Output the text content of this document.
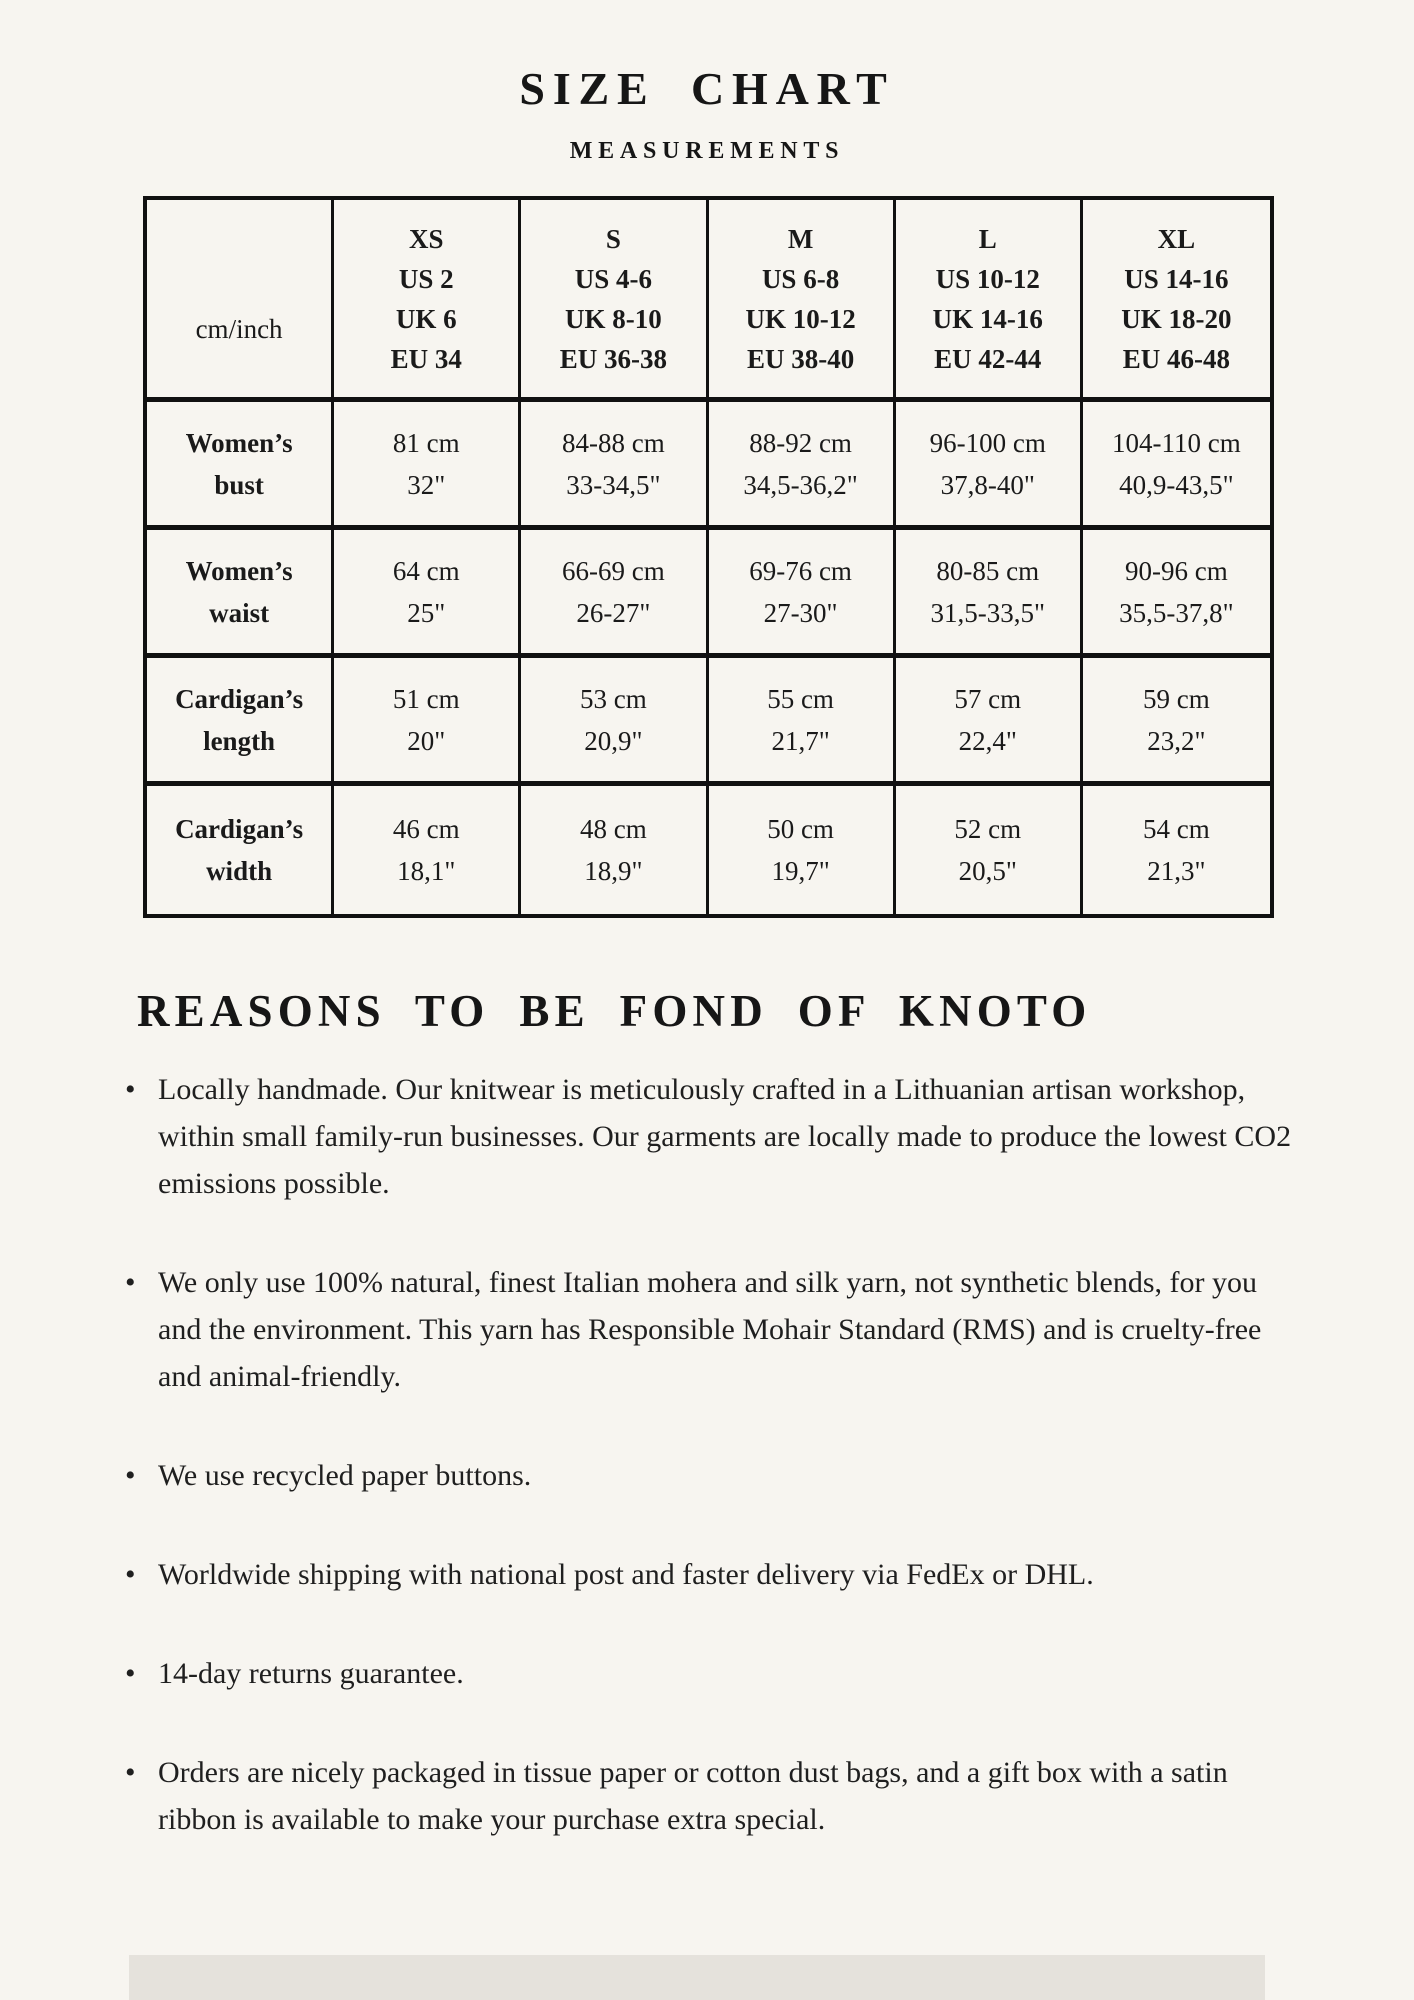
SIZE CHART
MEASUREMENTS
cm/inch
XS
US 2
UK 6
EU 34
S
US 4-6
UK 8-10
EU 36-38
M
US 6-8
UK 10-12
EU 38-40
L
US 10-12
UK 14-16
EU 42-44
XL
US 14-16
UK 18-20
EU 46-48
Women’s
bust
81 cm
32"
84-88 cm
33-34,5"
88-92 cm
34,5-36,2"
96-100 cm
37,8-40"
104-110 cm
40,9-43,5"
Women’s
waist
64 cm
25"
66-69 cm
26-27"
69-76 cm
27-30"
80-85 cm
31,5-33,5"
90-96 cm
35,5-37,8"
Cardigan’s
length
51 cm
20"
53 cm
20,9"
55 cm
21,7"
57 cm
22,4"
59 cm
23,2"
Cardigan’s
width
46 cm
18,1"
48 cm
18,9"
50 cm
19,7"
52 cm
20,5"
54 cm
21,3"
REASONS TO BE FOND OF KNOTO
• Locally handmade. Our knitwear is meticulously crafted in a Lithuanian artisan workshop, within small family-run businesses. Our garments are locally made to produce the lowest CO2 emissions possible.
• We only use 100% natural, finest Italian mohera and silk yarn, not synthetic blends, for you and the environment. This yarn has Responsible Mohair Standard (RMS) and is cruelty-free and animal-friendly.
• We use recycled paper buttons.
• Worldwide shipping with national post and faster delivery via FedEx or DHL.
• 14-day returns guarantee.
• Orders are nicely packaged in tissue paper or cotton dust bags, and a gift box with a satin ribbon is available to make your purchase extra special.
